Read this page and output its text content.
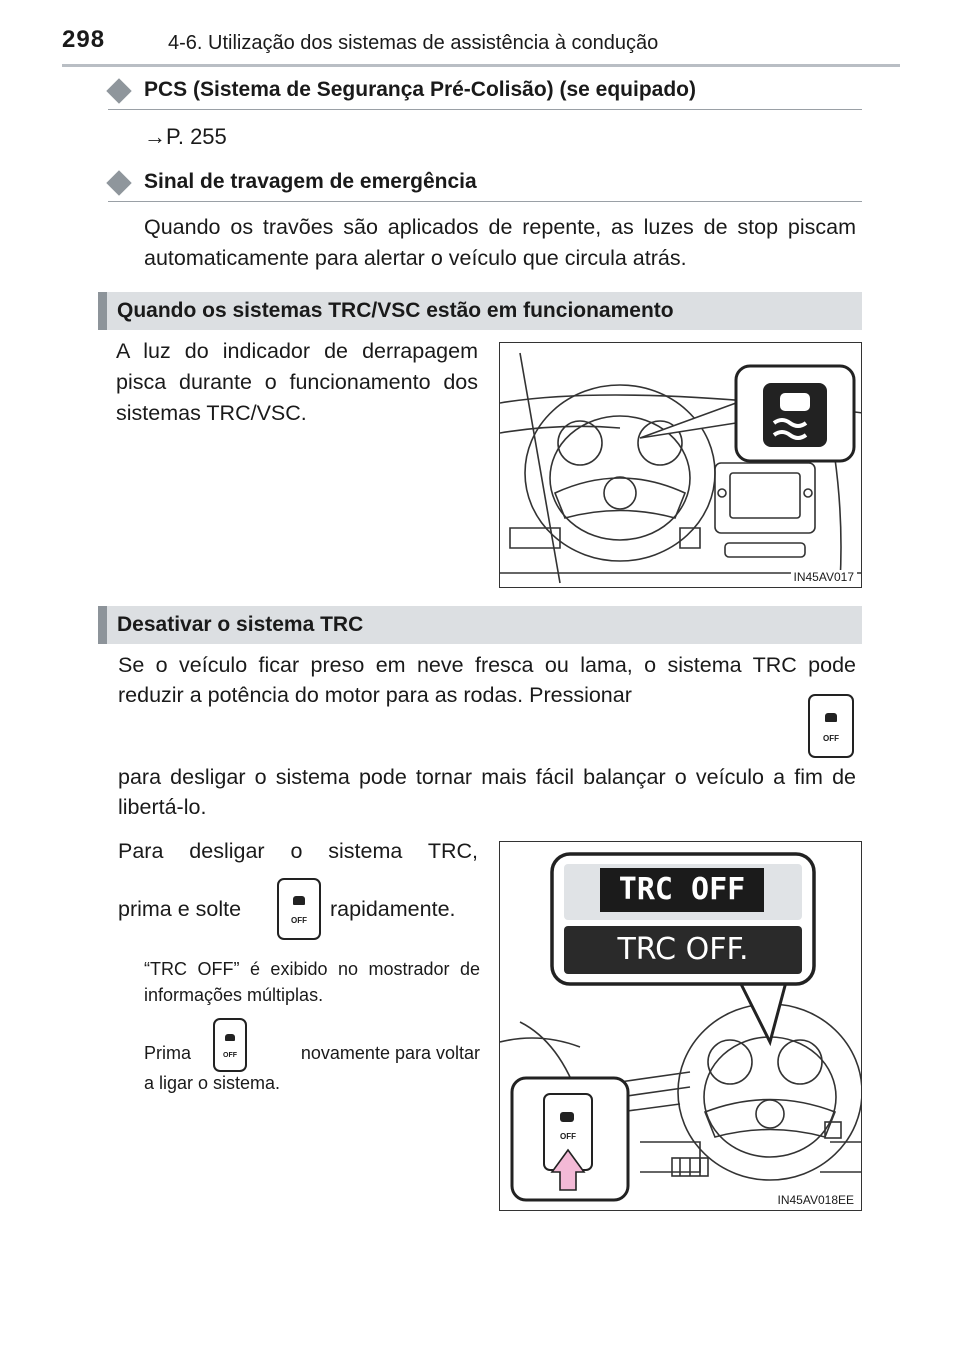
298	4-6. Utilização dos sistemas de assistência à condução
PCS (Sistema de Segurança Pré-Colisão) (se equipado)
→P. 255
Sinal de travagem de emergência
Quando os travões são aplicados de repente, as luzes de stop piscam automaticamente para alertar o veículo que circula atrás.
Quando os sistemas TRC/VSC estão em funcionamento
A luz do indicador de derrapagem pisca durante o funcionamento dos sistemas TRC/VSC.
IN45AV017
Desativar o sistema TRC
Se o veículo ficar preso em neve fresca ou lama, o sistema TRC pode reduzir a potência do motor para as rodas. Pressionar
OFF
para desligar o sistema pode tornar mais fácil balançar o veículo a fim de libertá-lo.
Para desligar o sistema TRC,
prima e solte	OFF	rapidamente.
“TRC OFF” é exibido no mostrador de informações múltiplas.
Prima	OFF	novamente para voltar
a ligar o sistema.
TRC OFF
TRC OFF.
OFF
IN45AV018EE
